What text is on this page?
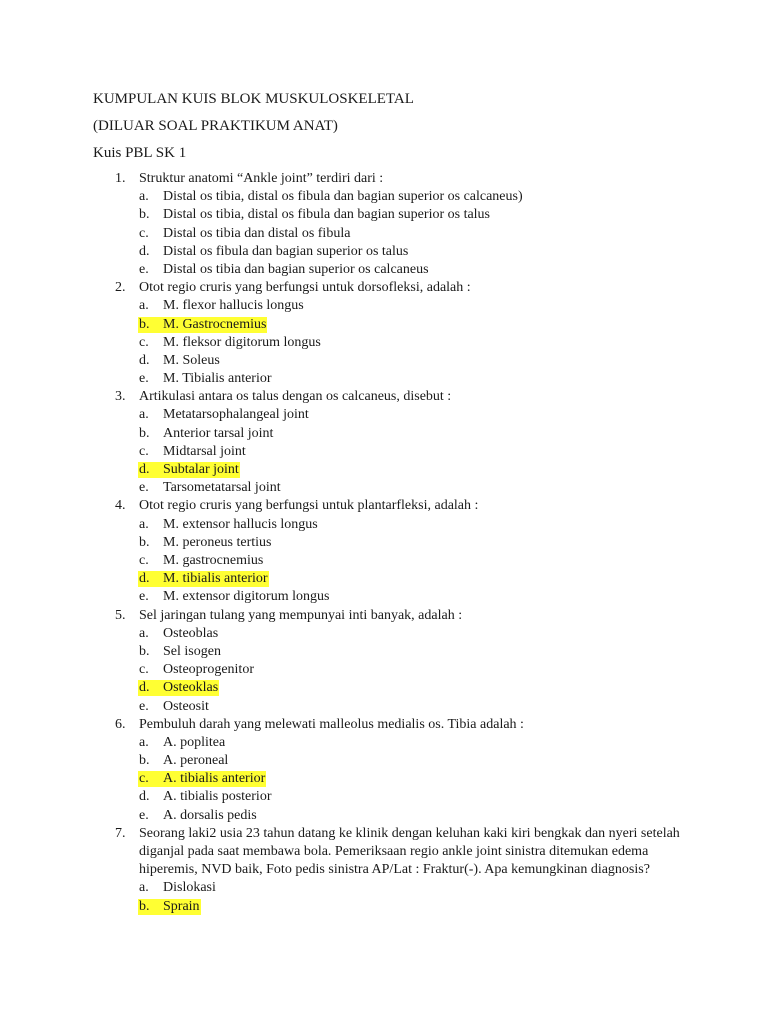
KUMPULAN KUIS BLOK MUSKULOSKELETAL
(DILUAR SOAL PRAKTIKUM ANAT)
Kuis PBL SK 1
1. Struktur anatomi “Ankle joint” terdiri dari :
a.	Distal os tibia, distal os fibula dan bagian superior os calcaneus)
b. Distal os tibia, distal os fibula dan bagian superior os talus
c.	Distal os tibia dan distal os fibula
d. Distal os fibula dan bagian superior os talus
e.	Distal os tibia dan bagian superior os calcaneus
2. Otot regio cruris yang berfungsi untuk dorsofleksi, adalah :
a.	M. flexor hallucis longus
b. M. Gastrocnemius
c.	M. fleksor digitorum longus
d. M. Soleus
e.	M. Tibialis anterior
3. Artikulasi antara os talus dengan os calcaneus, disebut :
a.	Metatarsophalangeal joint
b. Anterior tarsal joint
c.	Midtarsal joint
d. Subtalar joint
e.	Tarsometatarsal joint
4. Otot regio cruris yang berfungsi untuk plantarfleksi, adalah :
a.	M. extensor hallucis longus
b. M. peroneus tertius
c.	M. gastrocnemius
d. M. tibialis anterior
e.	M. extensor digitorum longus
5. Sel jaringan tulang yang mempunyai inti banyak, adalah :
a.	Osteoblas
b. Sel isogen
c.	Osteoprogenitor
d. Osteoklas
e.	Osteosit
6. Pembuluh darah yang melewati malleolus medialis os. Tibia adalah :
a.	A. poplitea
b. A. peroneal
c.	A. tibialis anterior
d. A. tibialis posterior
e.	A. dorsalis pedis
7. Seorang laki2 usia 23 tahun datang ke klinik dengan keluhan kaki kiri bengkak dan nyeri setelah diganjal pada saat membawa bola. Pemeriksaan regio ankle joint sinistra ditemukan edema hiperemis, NVD baik, Foto pedis sinistra AP/Lat : Fraktur(-). Apa kemungkinan diagnosis?
a.	Dislokasi
b. Sprain
